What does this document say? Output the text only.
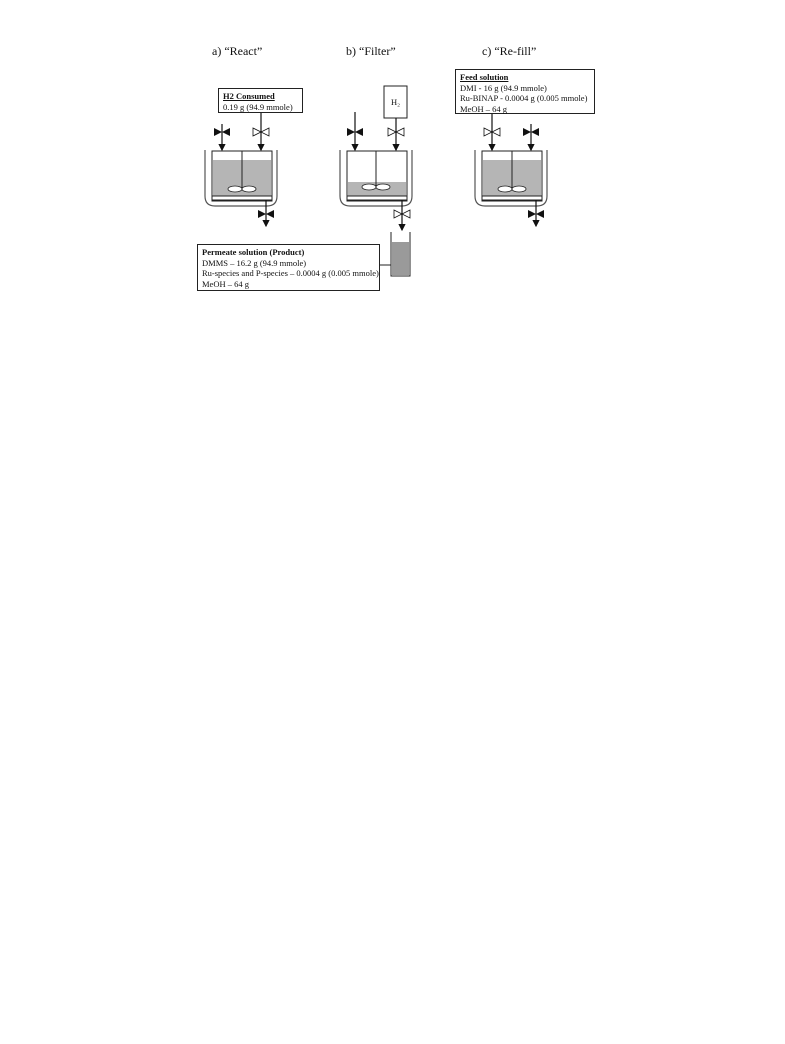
a) “React”	b) “Filter”	c) “Re-fill”
H₂
H2 Consumed
0.19 g (94.9 mmole)
Feed solution
DMI - 16 g (94.9 mmole)
Ru-BINAP - 0.0004 g (0.005 mmole)
MeOH – 64 g
Permeate solution (Product)
DMMS – 16.2 g (94.9 mmole)
Ru-species and P-species – 0.0004 g (0.005 mmole)
MeOH – 64 g
